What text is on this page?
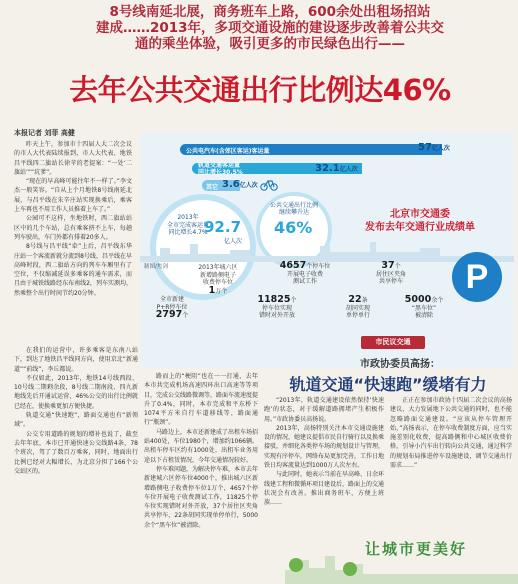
8号线南延北展，商务班车上路，600余处出租场招站
建成……2013年，多项交通设施的建设逐步改善着公共交
通的乘坐体验，吸引更多的市民绿色出行——
去年公共交通出行比例达46%
本报记者 刘菲 高健

昨天上午，参加市十四届人大二次会议的市人大代表陆续报到，市人大代表、地铁昌平线四二旗站长徐苹的老提案：“一处‘二旗站’”“坑爹”。

“现在的早高峰可能往年不一样了。”李文杰一般笑容。“自从上个月地铁8号线南延北展，与昌平线在朱辛庄站实现换乘后，乘客上车再也不用工作人员推着上车了。”

公园可不这样，坐地铁时，西二旗站站区中的几个车站，总有乘客挤不上车，每趟列车驶出，车门外都有排着20多人。

8号线与昌平线“牵”上后，昌平线东华庄站一个客流新就分流到8号线，昌平线在早高峰时段，西二旗站方向的列车车厢里有了空位，不仅缩减延误多乘客的通车需求，而且由于城铁线路经东布南线2，列车实测均，然乘整个出行时间节约20分钟。

在我们的运营中，许多乘客是东南八站下，到达了地铁昌平线同方向，使用京北“新通道”“前线”，李丘都说。

不仅如此，2013年，地铁14号线西段、10号线二期剩余段，8号线二期南段、四九新地线先后开通试运营，46%公交的出行比例就已经在，使换乘更加方便快捷。

轨道交通“快速跑”，路面交通也有“新领域”。

公交专用道路的规划的增补也说了，截至去年年底，本市已开通快速公交线路4条，78个班次，驾了了数百万乘客，同时，地面出行比例已经对大幅增长，为北京分担了166个公交站区的。

公共电汽车(含郊区客运)客运量	57亿人次
轨道交通客运量
同比增长30.5%	32.1亿人次
其它 3.6亿人次
2013年
全市完成客运量
同比增长4.7%
92.7
亿人次
公共交通出行比例
继续攀升达
46%
北京市交通委
发布去年交通行业成绩单
制图/焦剑	2013年城六区
新增路侧电子
收费停车位
1万个
4657个停车位
开展电子收费
测试工作
37个
居住区夹角
共享停车
全市新建
P+R停车位
2797个
11825个
停车位实现
错时对外开放
22条
胡同实现
单停单行
5000余个
“黑车位”
被清除
P

路而上的“梗阻”也在一一打通，去年本市共完成机场高速四环出口高速等等项目，完成公交线路微调等，路面车流速度提升了0.4%，同时，本市完成和平东桥下1074平方米自行车道移线等，路面通行“瓶颈”。

马路边上，本市还新建成了出租车场招站400处，车位1980个，增加约1066辆。出租车停车区约有1000处，出租车业务用途以下占租赁情况，今年交通情况较好。

停车难问题，为解决停车难，本市去年新建城六区停车位4000个，推出城六区新增路侧电子收费停车位1万个，4657个停车位开展电子收费测试工作，11825个停车位实现错时对外开放，37个居住区夹角共享停车，22条胡同实现单停单行，5000余个“黑车位”被清除。

市民议交通
市政协委员高扬：
轨道交通“快速跑”缓堵有力

“2013年，轨道交通建设依然保持‘快速跑’的状态，对于缓解道路拥堵产生积极作用。”市政协委员高扬说。

2013年，高扬特别关注本市交通设施建设的情况，她建议提倡市民自行骑行以及换乘接驳，并细化各类停车场的规划设计与管理，实现有序停车，网络布局更加完善，工作日地铁日均客流量达到1000万人次左右。

与此同时，她表示当前在早高峰、日余环线建工程和微循环项目建设后，路面上的交通状况会有改善。推出商务班车，方便上班族……

正正在参加市政协十四届二次会议的高扬建议，大力发展地下公共交通的同时，也不能忽略路面交通建设。“应该从停车管理开始，”高扬表示，在停车收费制度方面，应当实施差别化收费，提高路侧和中心城区收费价格，引导小汽车出行转向公共交通，通过科学的规划布局推进停车设施建设，调节交通出行需求……”

让城市更美好
